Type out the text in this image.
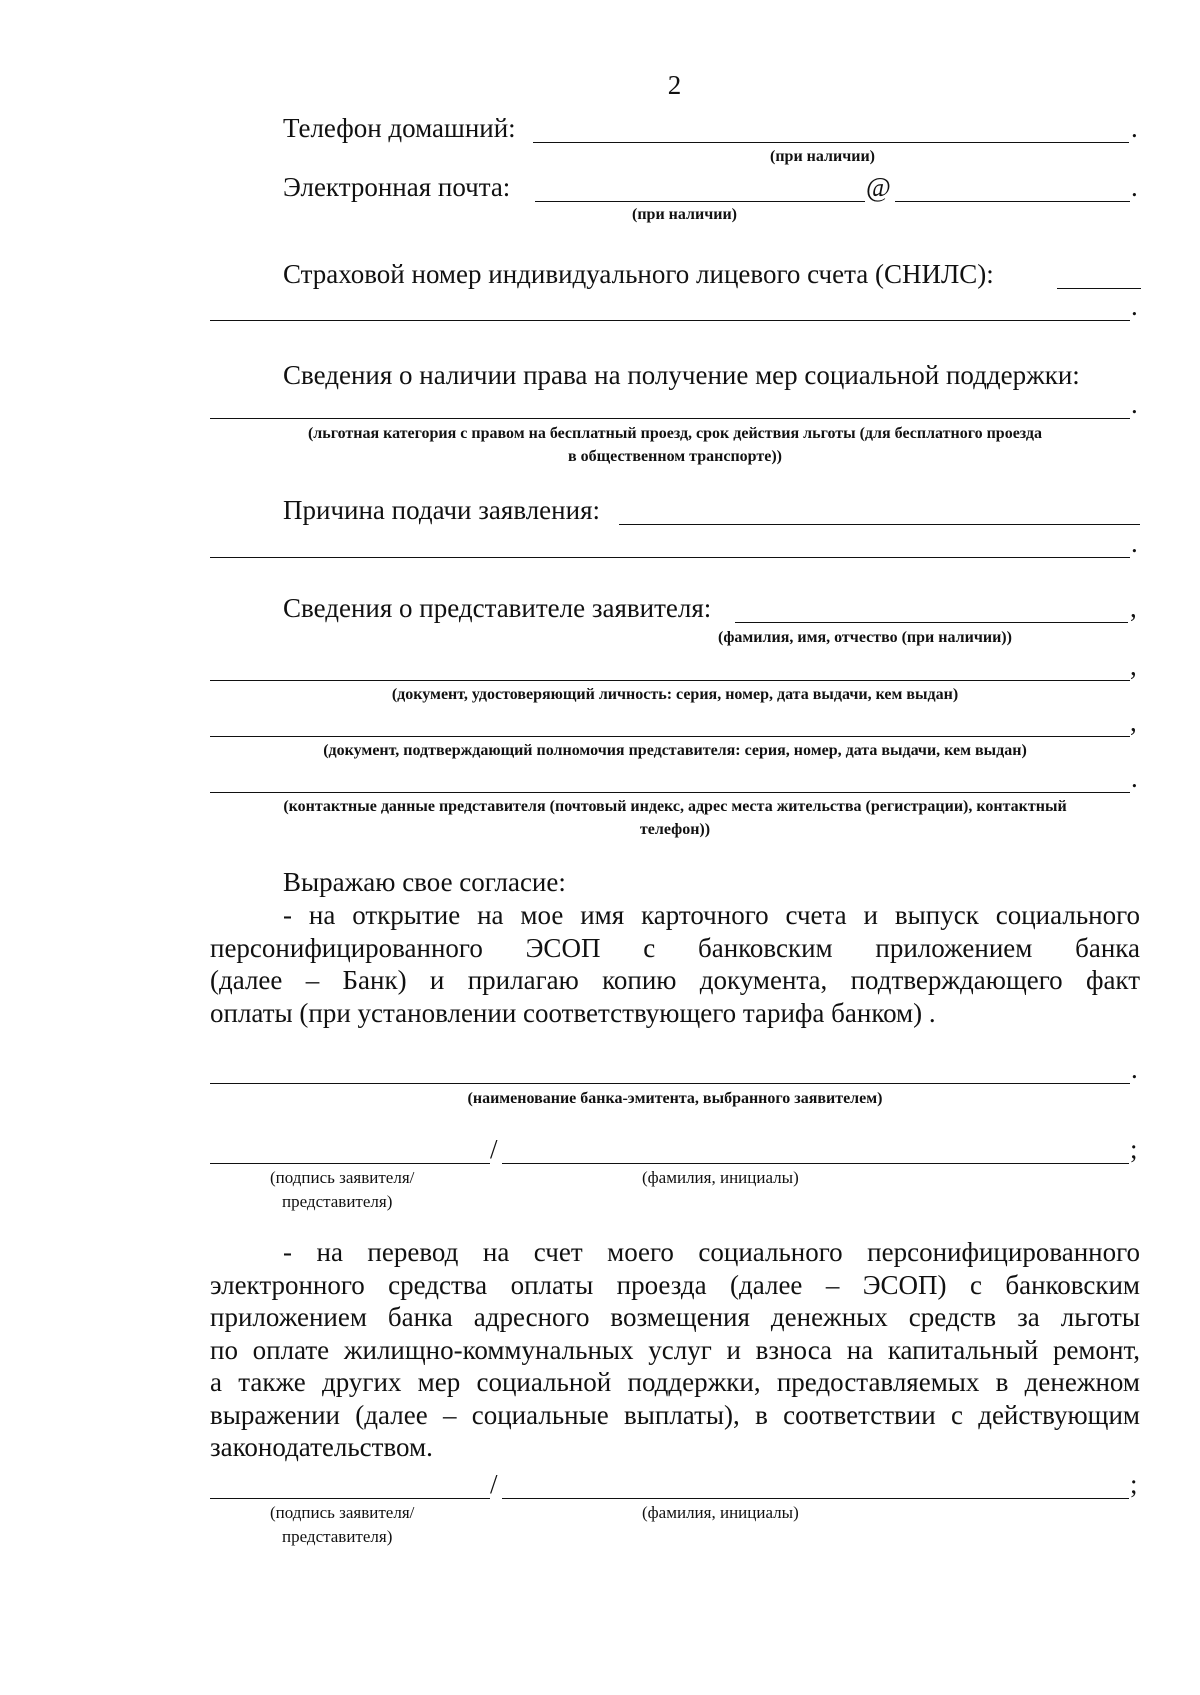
2
Телефон домашний:	.
(при наличии)
Электронная почта:	@	.
(при наличии)
Страховой номер индивидуального лицевого счета (СНИЛС):
.
Сведения о наличии права на получение мер социальной поддержки:
.
(льготная категория с правом на бесплатный проезд, срок действия льготы (для бесплатного проезда
в общественном транспорте))
Причина подачи заявления:
.
Сведения о представителе заявителя:	,
(фамилия, имя, отчество (при наличии))
,
(документ, удостоверяющий личность: серия, номер, дата выдачи, кем выдан)
,
(документ, подтверждающий полномочия представителя: серия, номер, дата выдачи, кем выдан)
.
(контактные данные представителя (почтовый индекс, адрес места жительства (регистрации), контактный
телефон))
Выражаю свое согласие:
- на открытие на мое имя карточного счета и выпуск социального
персонифицированного ЭСОП с банковским приложением банка
(далее – Банк) и прилагаю копию документа, подтверждающего факт
оплаты (при установлении соответствующего тарифа банком) .
.
(наименование банка-эмитента, выбранного заявителем)
/	;
(подпись заявителя/
представителя)
(фамилия, инициалы)
- на перевод на счет моего социального персонифицированного
электронного средства оплаты проезда (далее – ЭСОП) с банковским
приложением банка адресного возмещения денежных средств за льготы
по оплате жилищно-коммунальных услуг и взноса на капитальный ремонт,
а также других мер социальной поддержки, предоставляемых в денежном
выражении (далее – социальные выплаты), в соответствии с действующим
законодательством.
/	;
(подпись заявителя/
представителя)
(фамилия, инициалы)
